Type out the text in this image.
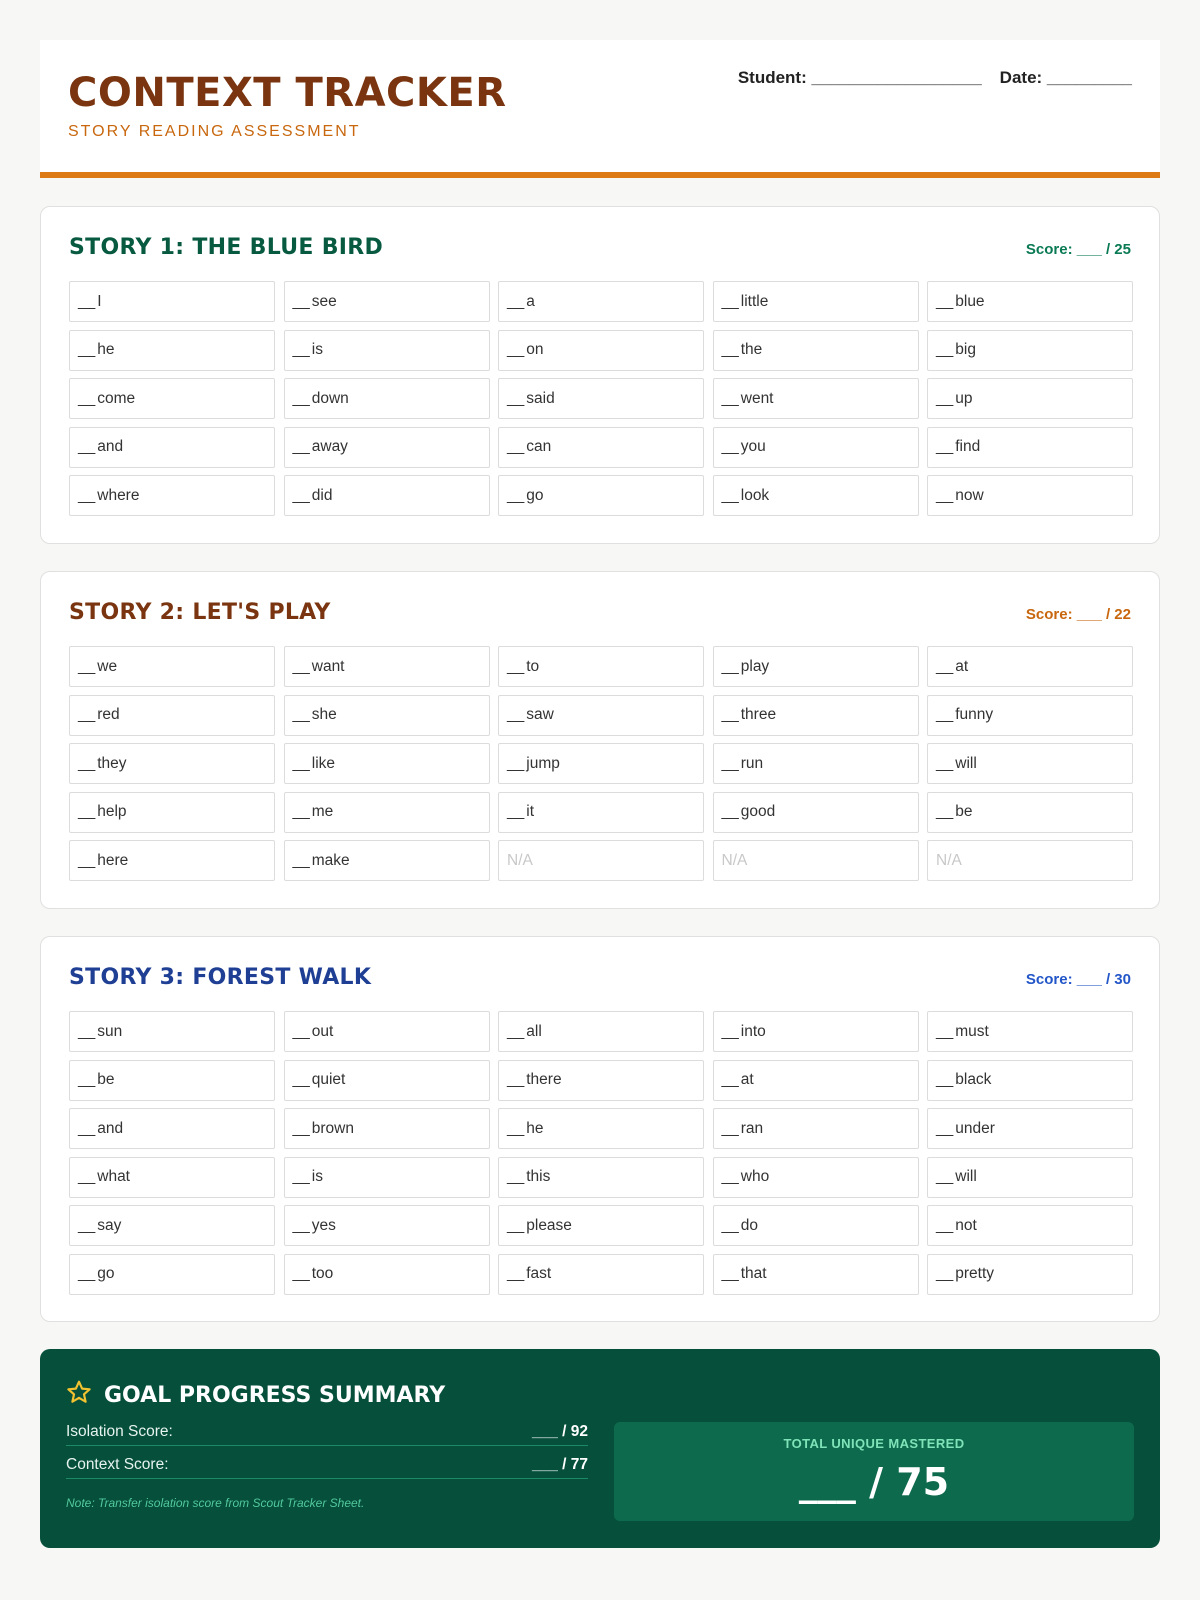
CONTEXT TRACKER
STORY READING ASSESSMENT
Student: __________________ Date: _________
STORY 1: THE BLUE BIRD	Score: ___ / 25
__ I	__ see	__ a	__ little	__ blue
__ he	__ is	__ on	__ the	__ big
__ come	__ down	__ said	__ went	__ up
__ and	__ away	__ can	__ you	__ find
__ where	__ did	__ go	__ look	__ now
STORY 2: LET'S PLAY	Score: ___ / 22
__ we	__ want	__ to	__ play	__ at
__ red	__ she	__ saw	__ three	__ funny
__ they	__ like	__ jump	__ run	__ will
__ help	__ me	__ it	__ good	__ be
__ here	__ make	N/A	N/A	N/A
STORY 3: FOREST WALK	Score: ___ / 30
__ sun	__ out	__ all	__ into	__ must
__ be	__ quiet	__ there	__ at	__ black
__ and	__ brown	__ he	__ ran	__ under
__ what	__ is	__ this	__ who	__ will
__ say	__ yes	__ please	__ do	__ not
__ go	__ too	__ fast	__ that	__ pretty
GOAL PROGRESS SUMMARY
Isolation Score:	___ / 92
Context Score:	___ / 77
Note: Transfer isolation score from Scout Tracker Sheet.
TOTAL UNIQUE MASTERED
___ / 75
